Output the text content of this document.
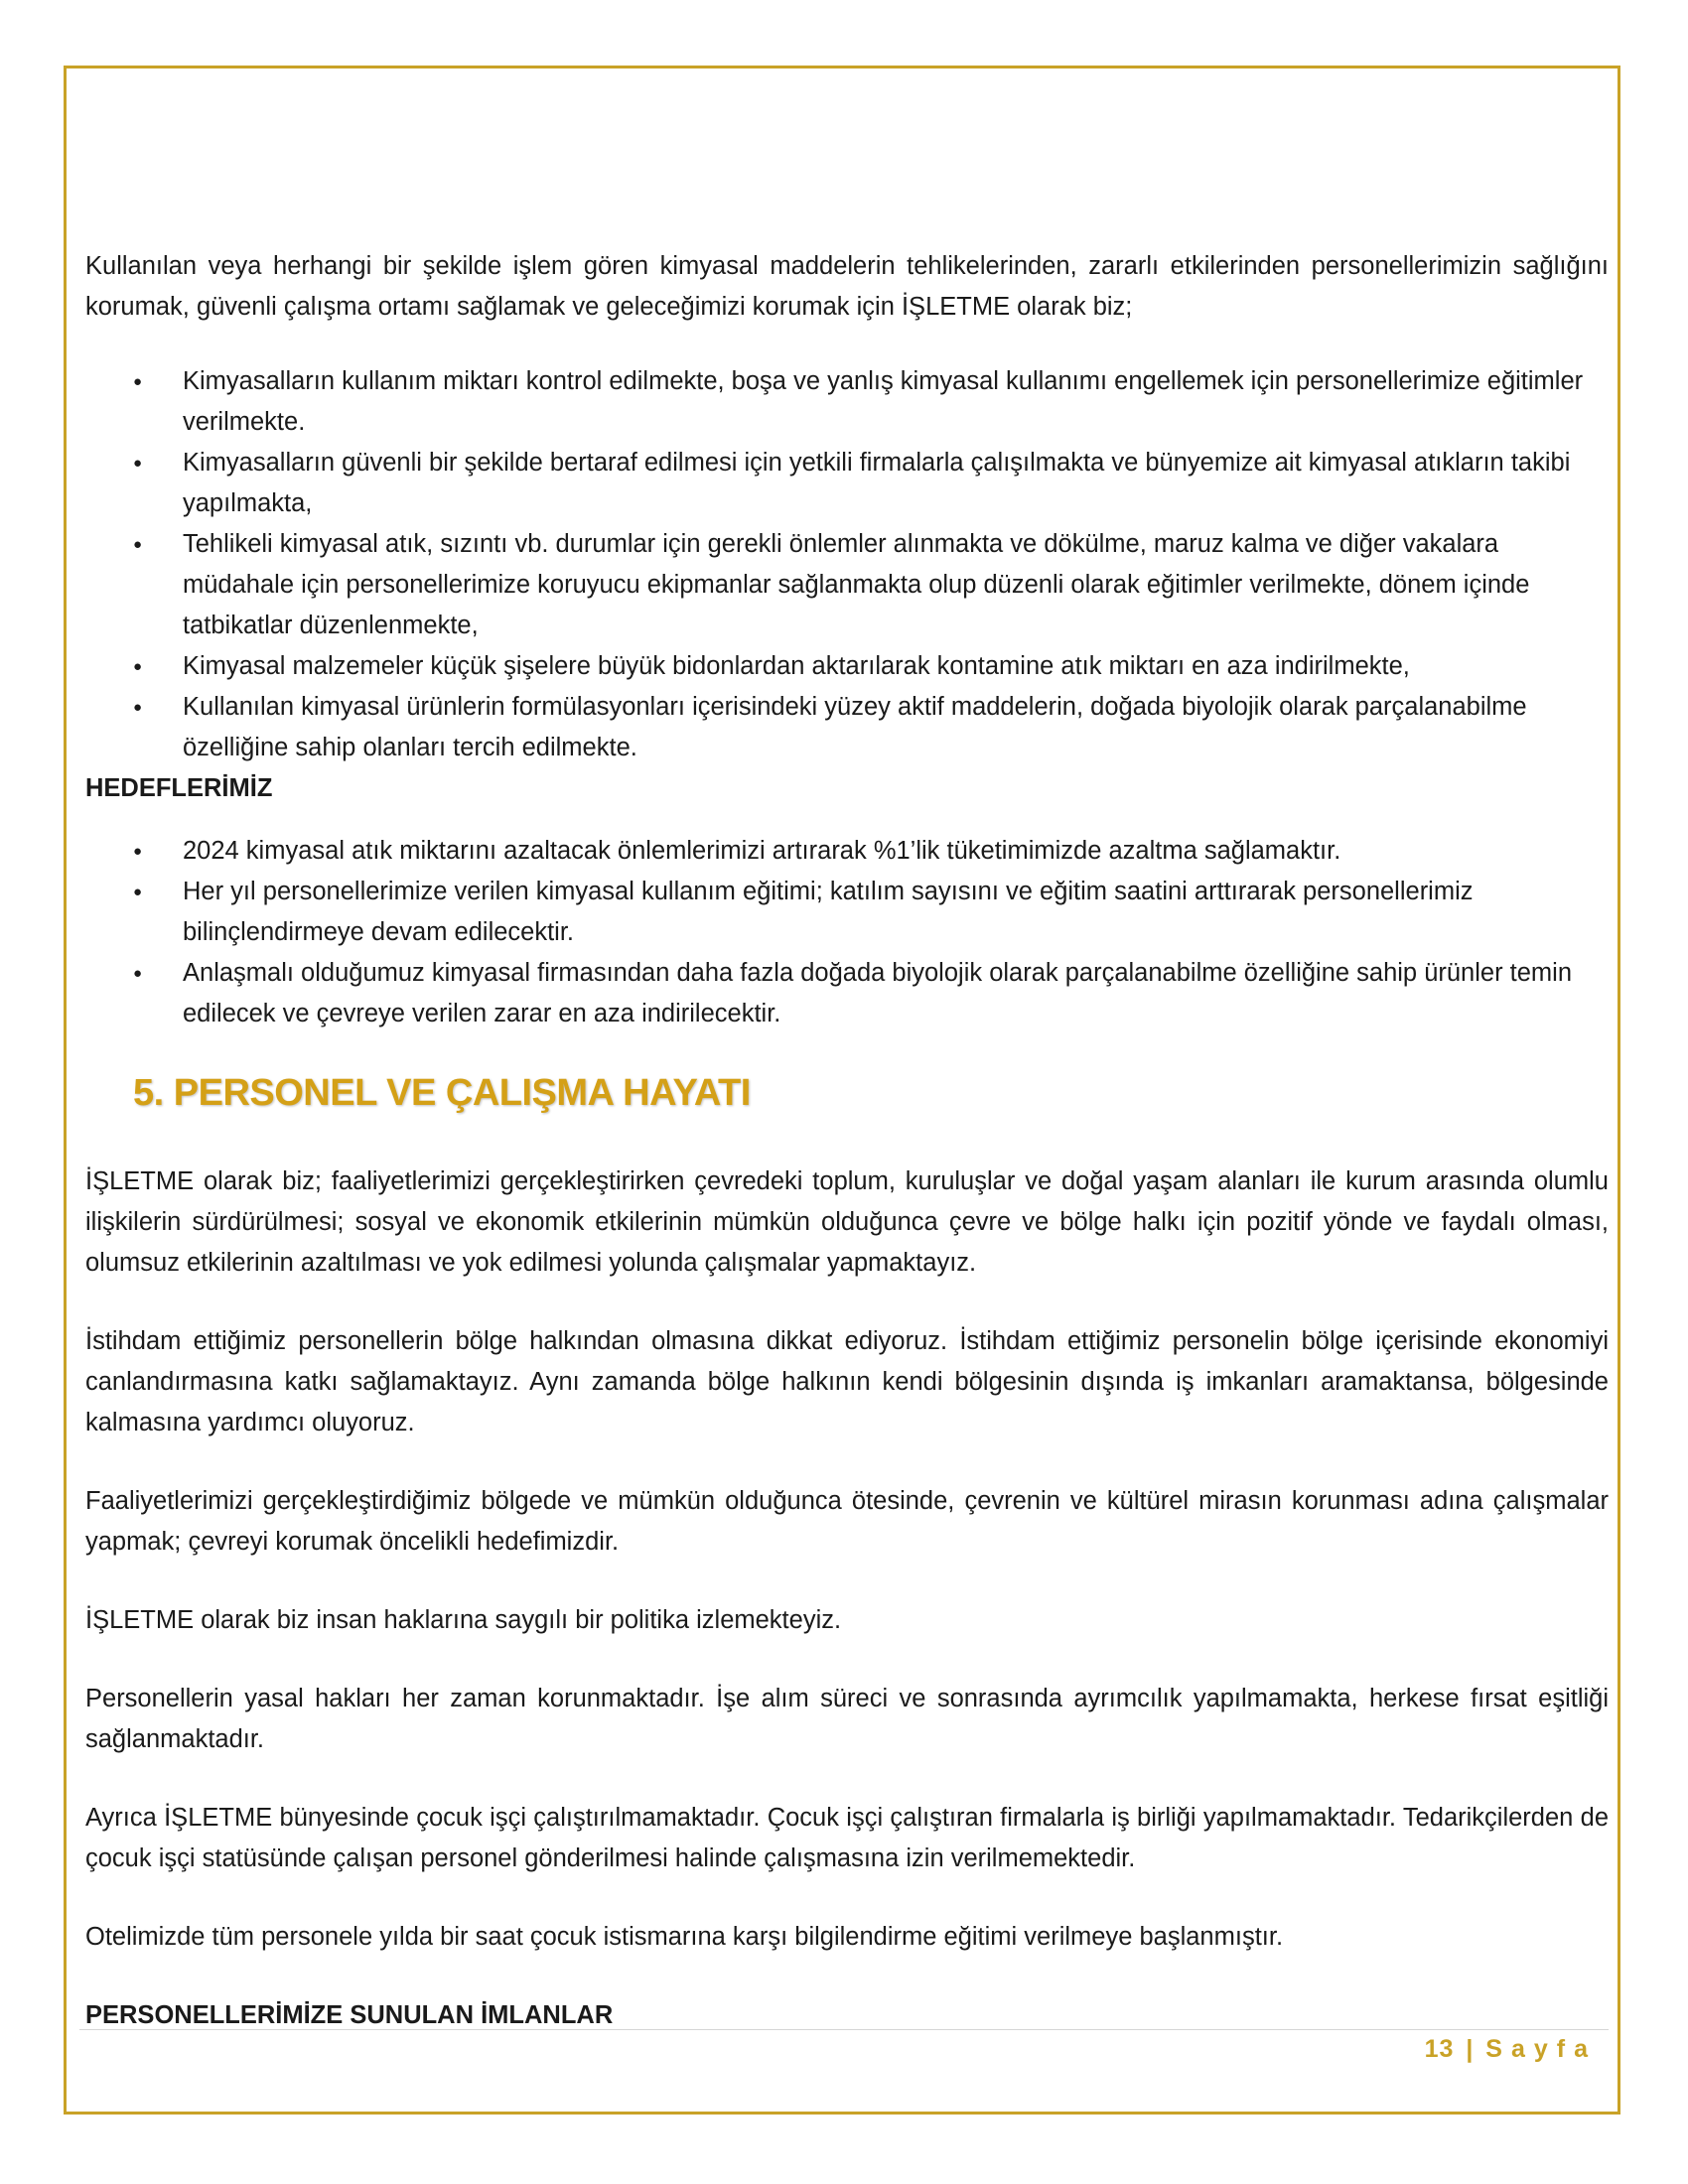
Kullanılan veya herhangi bir şekilde işlem gören kimyasal maddelerin tehlikelerinden, zararlı etkilerinden personellerimizin sağlığını korumak, güvenli çalışma ortamı sağlamak ve geleceğimizi korumak için İŞLETME olarak biz;

● Kimyasalların kullanım miktarı kontrol edilmekte, boşa ve yanlış kimyasal kullanımı engellemek için personellerimize eğitimler verilmekte.
● Kimyasalların güvenli bir şekilde bertaraf edilmesi için yetkili firmalarla çalışılmakta ve bünyemize ait kimyasal atıkların takibi yapılmakta,
● Tehlikeli kimyasal atık, sızıntı vb. durumlar için gerekli önlemler alınmakta ve dökülme, maruz kalma ve diğer vakalara müdahale için personellerimize koruyucu ekipmanlar sağlanmakta olup düzenli olarak eğitimler verilmekte, dönem içinde tatbikatlar düzenlenmekte,
● Kimyasal malzemeler küçük şişelere büyük bidonlardan aktarılarak kontamine atık miktarı en aza indirilmekte,
● Kullanılan kimyasal ürünlerin formülasyonları içerisindeki yüzey aktif maddelerin, doğada biyolojik olarak parçalanabilme özelliğine sahip olanları tercih edilmekte.

HEDEFLERİMİZ

● 2024 kimyasal atık miktarını azaltacak önlemlerimizi artırarak %1’lik tüketimimizde azaltma sağlamaktır.
● Her yıl personellerimize verilen kimyasal kullanım eğitimi; katılım sayısını ve eğitim saatini arttırarak personellerimiz bilinçlendirmeye devam edilecektir.
● Anlaşmalı olduğumuz kimyasal firmasından daha fazla doğada biyolojik olarak parçalanabilme özelliğine sahip ürünler temin edilecek ve çevreye verilen zarar en aza indirilecektir.
5. PERSONEL VE ÇALIŞMA HAYATI

İŞLETME olarak biz; faaliyetlerimizi gerçekleştirirken çevredeki toplum, kuruluşlar ve doğal yaşam alanları ile kurum arasında olumlu ilişkilerin sürdürülmesi; sosyal ve ekonomik etkilerinin mümkün olduğunca çevre ve bölge halkı için pozitif yönde ve faydalı olması, olumsuz etkilerinin azaltılması ve yok edilmesi yolunda çalışmalar yapmaktayız.

İstihdam ettiğimiz personellerin bölge halkından olmasına dikkat ediyoruz. İstihdam ettiğimiz personelin bölge içerisinde ekonomiyi canlandırmasına katkı sağlamaktayız. Aynı zamanda bölge halkının kendi bölgesinin dışında iş imkanları aramaktansa, bölgesinde kalmasına yardımcı oluyoruz.

Faaliyetlerimizi gerçekleştirdiğimiz bölgede ve mümkün olduğunca ötesinde, çevrenin ve kültürel mirasın korunması adına çalışmalar yapmak; çevreyi korumak öncelikli hedefimizdir.

İŞLETME olarak biz insan haklarına saygılı bir politika izlemekteyiz.

Personellerin yasal hakları her zaman korunmaktadır. İşe alım süreci ve sonrasında ayrımcılık yapılmamakta, herkese fırsat eşitliği sağlanmaktadır.

Ayrıca İŞLETME bünyesinde çocuk işçi çalıştırılmamaktadır. Çocuk işçi çalıştıran firmalarla iş birliği yapılmamaktadır. Tedarikçilerden de çocuk işçi statüsünde çalışan personel gönderilmesi halinde çalışmasına izin verilmemektedir.

Otelimizde tüm personele yılda bir saat çocuk istismarına karşı bilgilendirme eğitimi verilmeye başlanmıştır.

PERSONELLERİMİZE SUNULAN İMLANLAR

13 | Sayfa
